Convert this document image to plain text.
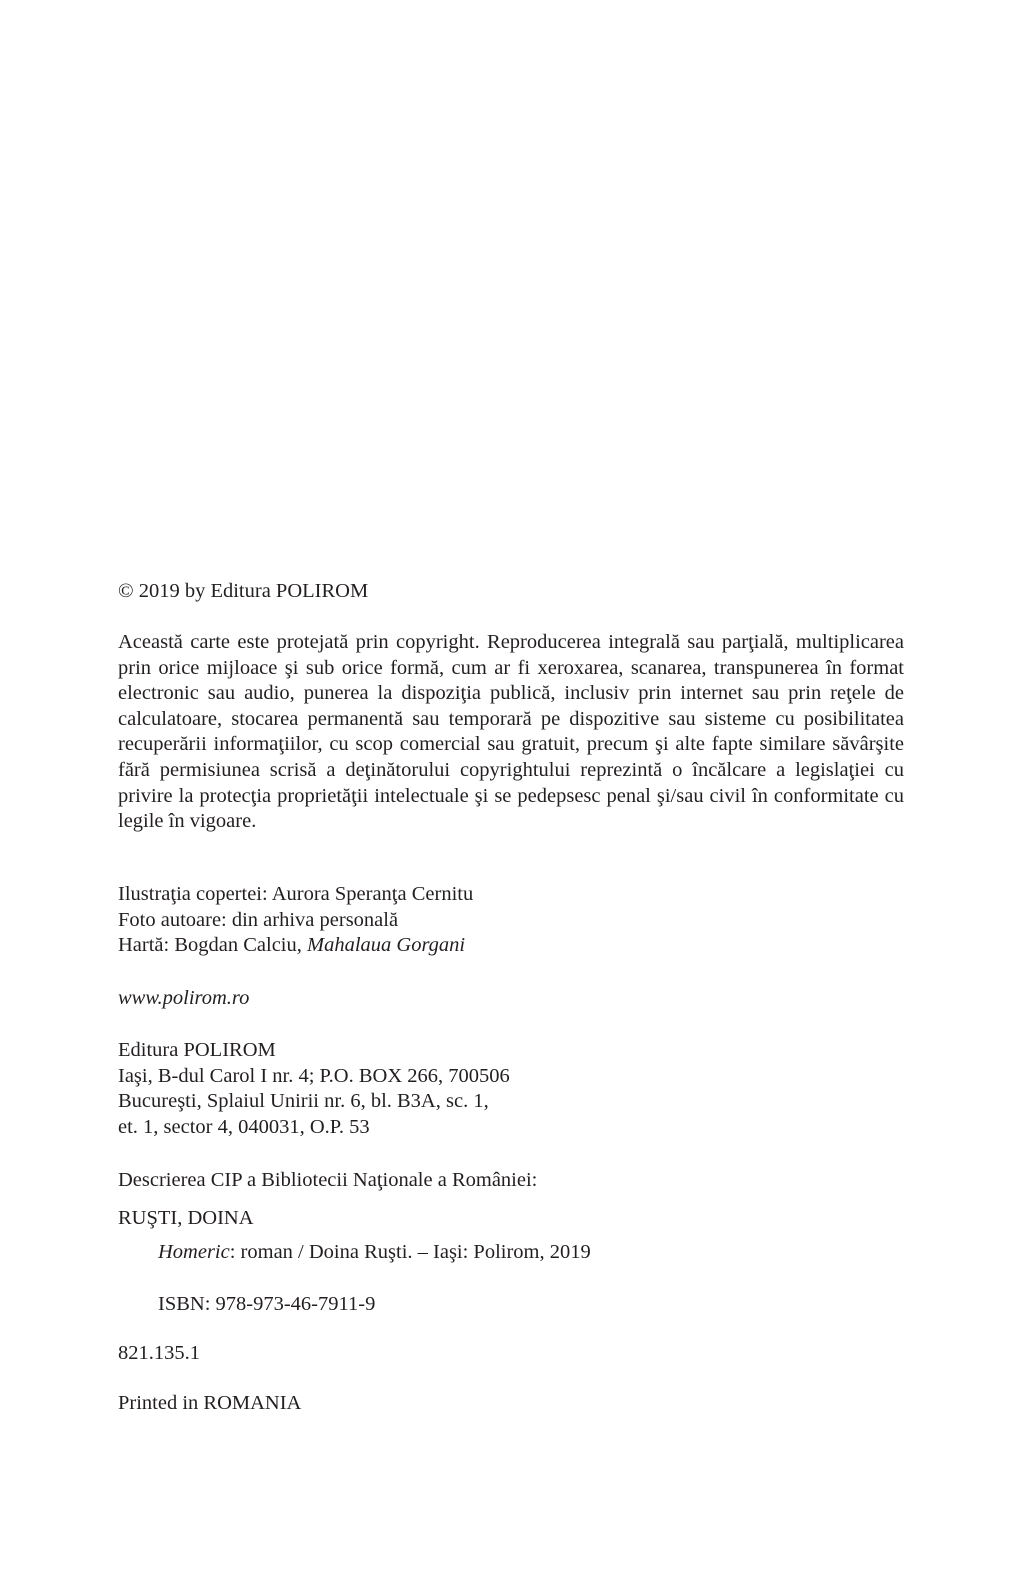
© 2019 by Editura POLIROM

Această carte este protejată prin copyright. Reproducerea integrală sau parţială, multiplicarea prin orice mijloace şi sub orice formă, cum ar fi xeroxarea, scanarea, transpunerea în format electronic sau audio, punerea la dispoziţia publică, inclusiv prin internet sau prin reţele de calculatoare, stocarea permanentă sau temporară pe dispozitive sau sisteme cu posibilitatea recuperării informaţiilor, cu scop comercial sau gratuit, precum şi alte fapte similare săvârşite fără permisiunea scrisă a deţinătorului copyrightului reprezintă o încălcare a legislaţiei cu privire la protecţia proprietăţii intelectuale şi se pedepsesc penal şi/sau civil în conformitate cu legile în vigoare.

Ilustraţia copertei: Aurora Speranţa Cernitu
Foto autoare: din arhiva personală
Hartă: Bogdan Calciu, Mahalaua Gorgani
www.polirom.ro
Editura POLIROM
Iaşi, B-dul Carol I nr. 4; P.O. BOX 266, 700506
Bucureşti, Splaiul Unirii nr. 6, bl. B3A, sc. 1,
et. 1, sector 4, 040031, O.P. 53
Descrierea CIP a Bibliotecii Naţionale a României:
RUŞTI, DOINA
Homeric: roman / Doina Ruşti. – Iaşi: Polirom, 2019
ISBN: 978-973-46-7911-9
821.135.1
Printed in ROMANIA
